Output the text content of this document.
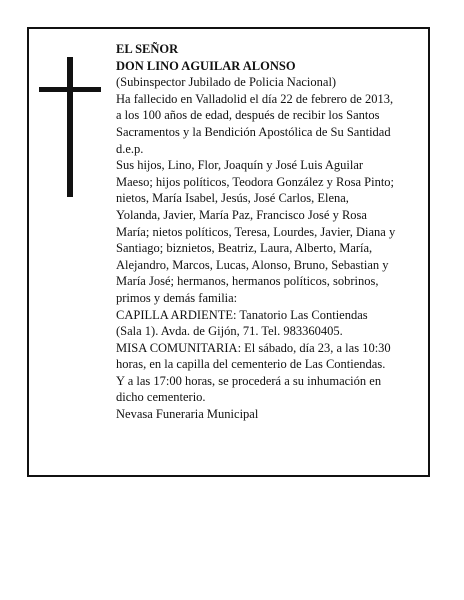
EL SEÑOR
DON LINO AGUILAR ALONSO
(Subinspector Jubilado de Policia Nacional)
Ha fallecido en Valladolid el día 22 de febrero de 2013,
a los 100 años de edad, después de recibir los Santos
Sacramentos y la Bendición Apostólica de Su Santidad
d.e.p.
Sus hijos, Lino, Flor, Joaquín y José Luis Aguilar
Maeso; hijos políticos, Teodora González y Rosa Pinto;
nietos, María Isabel, Jesús, José Carlos, Elena,
Yolanda, Javier, María Paz, Francisco José y Rosa
María; nietos políticos, Teresa, Lourdes, Javier, Diana y
Santiago; biznietos, Beatriz, Laura, Alberto, María,
Alejandro, Marcos, Lucas, Alonso, Bruno, Sebastian y
María José; hermanos, hermanos políticos, sobrinos,
primos y demás familia:
CAPILLA ARDIENTE: Tanatorio Las Contiendas
(Sala 1). Avda. de Gijón, 71. Tel. 983360405.
MISA COMUNITARIA: El sábado, día 23, a las 10:30
horas, en la capilla del cementerio de Las Contiendas.
Y a las 17:00 horas, se procederá a su inhumación en
dicho cementerio.
Nevasa Funeraria Municipal
